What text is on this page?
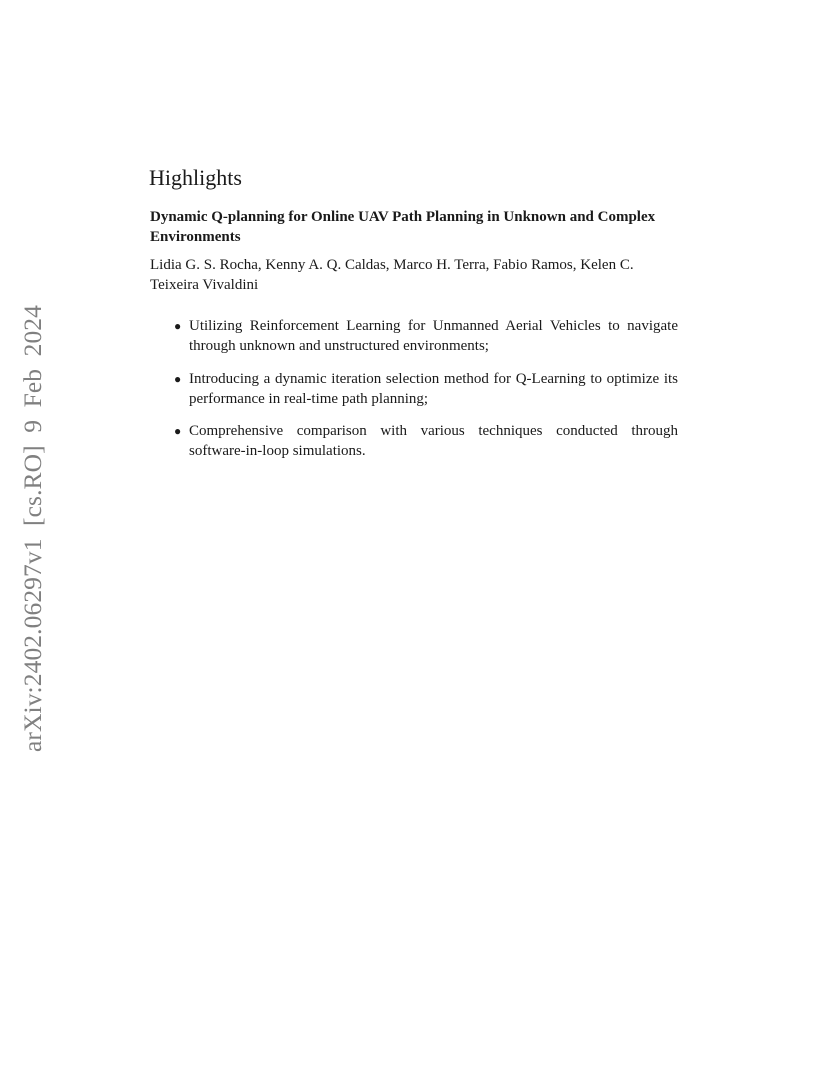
arXiv:2402.06297v1 [cs.RO] 9 Feb 2024
Highlights
Dynamic Q-planning for Online UAV Path Planning in Unknown and Complex Environments
Lidia G. S. Rocha, Kenny A. Q. Caldas, Marco H. Terra, Fabio Ramos, Kelen C. Teixeira Vivaldini
● Utilizing Reinforcement Learning for Unmanned Aerial Vehicles to navigate through unknown and unstructured environments;
● Introducing a dynamic iteration selection method for Q-Learning to optimize its performance in real-time path planning;
● Comprehensive comparison with various techniques conducted through software-in-loop simulations.
